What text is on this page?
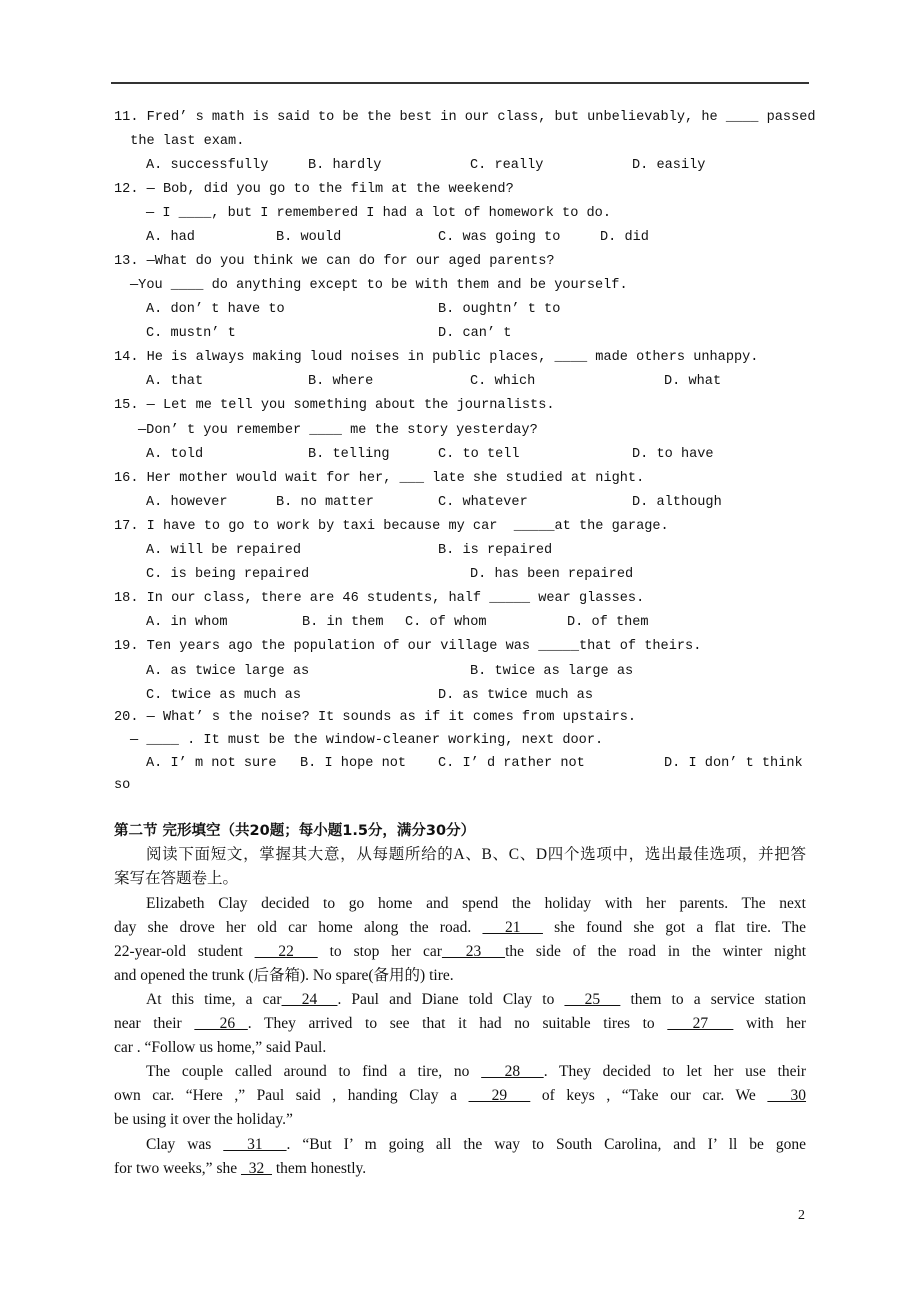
11. Fred’ s math is said to be the best in our class, but unbelievably, he ____ passed
the last exam.
A. successfully	B. hardly	C. really	D. easily
12. — Bob, did you go to the film at the weekend?
— I ____, but I remembered I had a lot of homework to do.
A. had	B. would	C. was going to	D. did
13. —What do you think we can do for our aged parents?
—You ____ do anything except to be with them and be yourself.
A. don’ t have to	B. oughtn’ t to
C. mustn’ t	D. can’ t
14. He is always making loud noises in public places, ____ made others unhappy.
A. that	B. where	C. which	D. what
15. — Let me tell you something about the journalists.
—Don’ t you remember ____ me the story yesterday?
A. told	B. telling	C. to tell	D. to have
16. Her mother would wait for her, ___ late she studied at night.
A. however	B. no matter	C. whatever	D. although
17. I have to go to work by taxi because my car  _____at the garage.
A. will be repaired	B. is repaired
C. is being repaired	D. has been repaired
18. In our class, there are 46 students, half _____ wear glasses.
A. in whom	B. in them C. of whom	D. of them
19. Ten years ago the population of our village was _____that of theirs.
A. as twice large as	B. twice as large as
C. twice as much as	D. as twice much as
20. — What’ s the noise? It sounds as if it comes from upstairs.
— ____ . It must be the window-cleaner working, next door.
A. I’ m not sure B. I hope not C. I’ d rather not	D. I don’ t think
so
第二节 完形填空（共20题；每小题1.5分，满分30分）
阅读下面短文，掌握其大意，从每题所给的A、B、C、D四个选项中，选出最佳选项，并把答
案写在答题卷上。
Elizabeth Clay decided to go home and spend the holiday with her parents. The next
day she drove her old car home along the road.   21   she found she got a flat tire. The
22-year-old student   22   to stop her car  23  the side of the road in the winter night
and opened the trunk (后备箱). No spare(备用的) tire.
At this time, a car  24  . Paul and Diane told Clay to   25   them to a service station
near their   26 . They arrived to see that it had no suitable tires to   27   with her
car . “Follow us home,” said Paul.
The couple called around to find a tire, no   28  . They decided to let her use their
own car. “Here ,” Paul said , handing Clay a   29   of keys , “Take our car. We   30
be using it over the holiday.”
Clay was   31  . “But I’ m going all the way to South Carolina, and I’ ll be gone
for two weeks,” she   32   them honestly.
2
